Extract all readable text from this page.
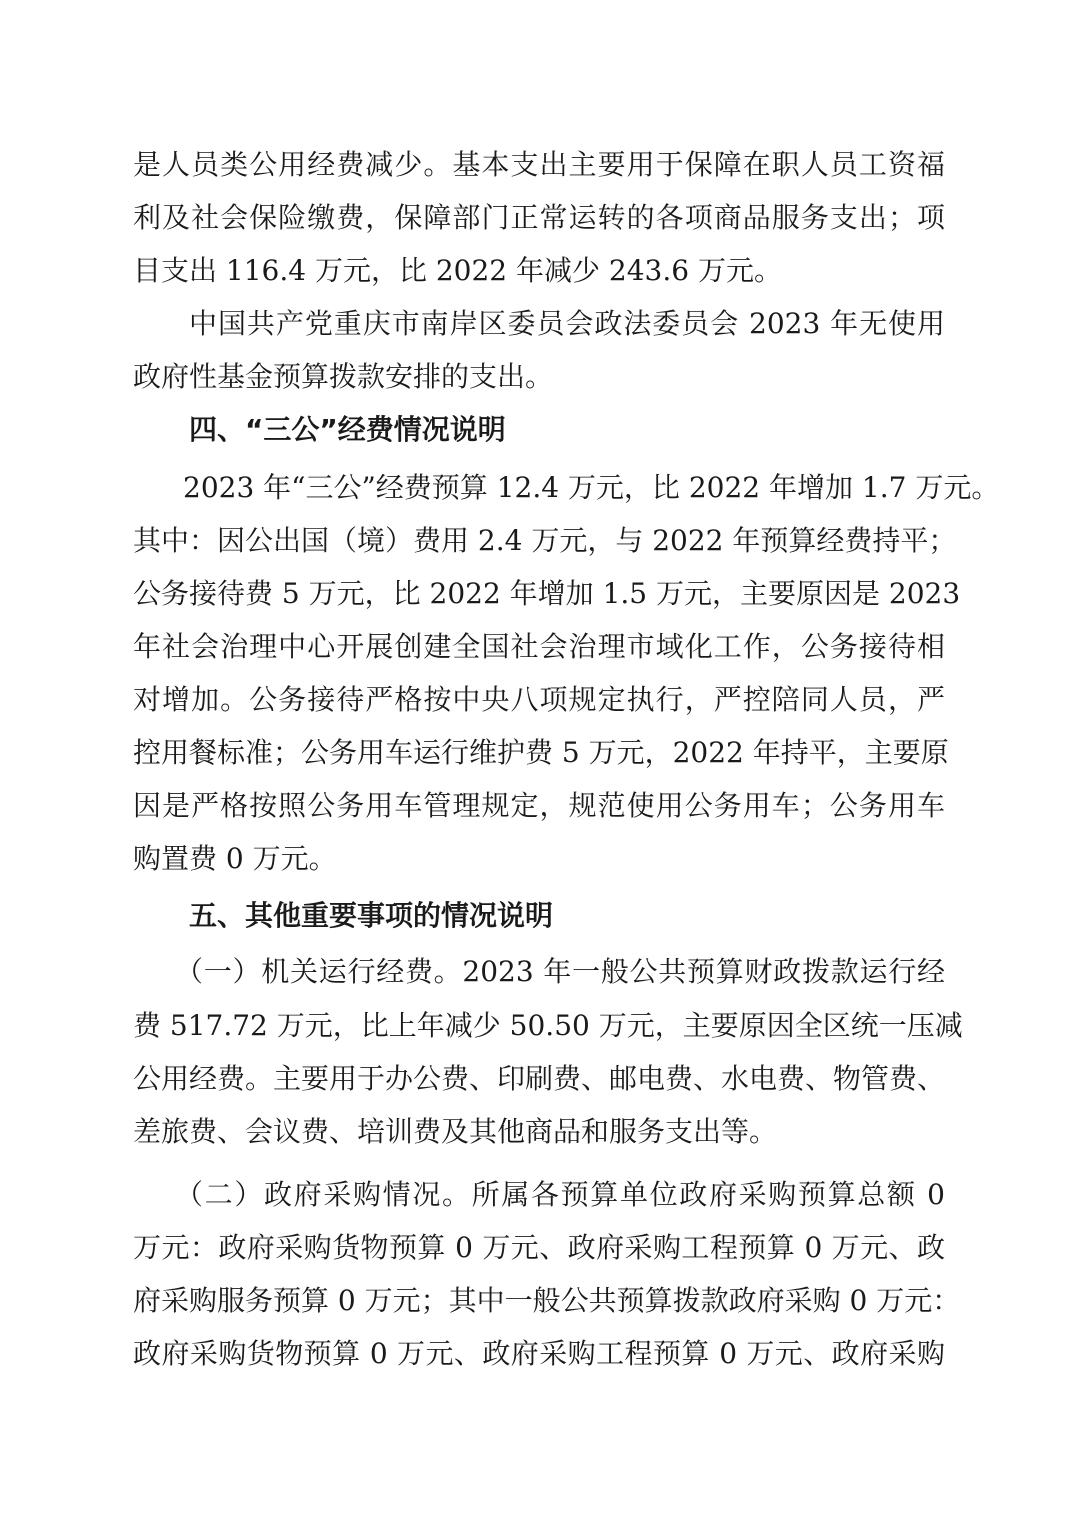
是人员类公用经费减少。基本支出主要用于保障在职人员工资福
利及社会保险缴费，保障部门正常运转的各项商品服务支出；项
目支出 116.4 万元，比 2022 年减少 243.6 万元。
中国共产党重庆市南岸区委员会政法委员会 2023 年无使用
政府性基金预算拨款安排的支出。
四、“三公”经费情况说明
2023 年“三公”经费预算 12.4 万元，比 2022 年增加 1.7 万元。
其中：因公出国（境）费用 2.4 万元，与 2022 年预算经费持平；
公务接待费 5 万元，比 2022 年增加 1.5 万元，主要原因是 2023
年社会治理中心开展创建全国社会治理市域化工作，公务接待相
对增加。公务接待严格按中央八项规定执行，严控陪同人员，严
控用餐标准；公务用车运行维护费 5 万元，2022 年持平，主要原
因是严格按照公务用车管理规定，规范使用公务用车；公务用车
购置费 0 万元。
五、其他重要事项的情况说明
（一）机关运行经费。2023 年一般公共预算财政拨款运行经
费 517.72 万元，比上年减少 50.50 万元，主要原因全区统一压减
公用经费。主要用于办公费、印刷费、邮电费、水电费、物管费、
差旅费、会议费、培训费及其他商品和服务支出等。
（二）政府采购情况。所属各预算单位政府采购预算总额 0
万元：政府采购货物预算 0 万元、政府采购工程预算 0 万元、政
府采购服务预算 0 万元；其中一般公共预算拨款政府采购 0 万元：
政府采购货物预算 0 万元、政府采购工程预算 0 万元、政府采购
